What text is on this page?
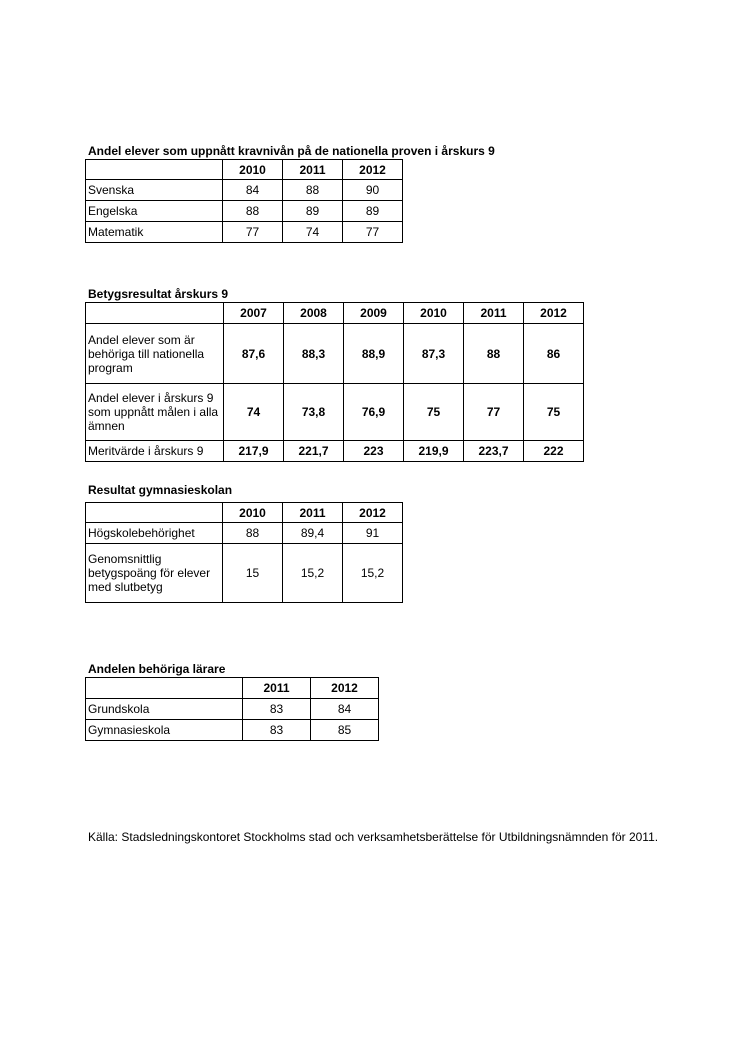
Andel elever som uppnått kravnivån på de nationella proven i årskurs 9
	2010	2011	2012
Svenska	84	88	90
Engelska	88	89	89
Matematik	77	74	77
Betygsresultat årskurs 9
	2007	2008	2009	2010	2011	2012
Andel elever som är behöriga till nationella program	87,6	88,3	88,9	87,3	88	86
Andel elever i årskurs 9 som uppnått målen i alla ämnen	74	73,8	76,9	75	77	75
Meritvärde i årskurs 9	217,9	221,7	223	219,9	223,7	222
Resultat gymnasieskolan
	2010	2011	2012
Högskolebehörighet	88	89,4	91
Genomsnittlig betygspoäng för elever med slutbetyg	15	15,2	15,2
Andelen behöriga lärare
	2011	2012
Grundskola	83	84
Gymnasieskola	83	85
Källa: Stadsledningskontoret Stockholms stad och verksamhetsberättelse för Utbildningsnämnden för 2011.
